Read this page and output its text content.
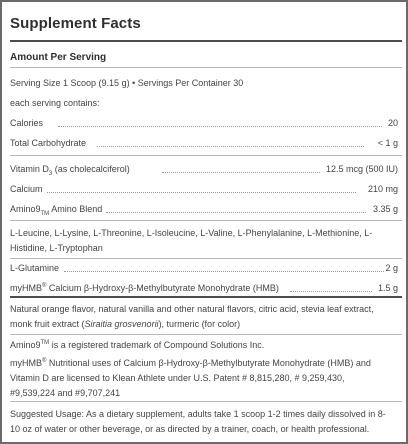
Supplement Facts
Amount Per Serving
Serving Size 1 Scoop (9.15 g) • Servings Per Container 30
each serving contains:
Calories	20
Total Carbohydrate	< 1 g
Vitamin $D_3$ (as cholecalciferol)	12.5 mcg (500 IU)
Calcium	210 mg
$Amino9_{TM}$ Amino Blend	3.35 g
L-Leucine, L-Lysine, L-Threonine, L-Isoleucine, L-Valine, L-Phenylalanine, L-Methionine, L-
Histidine, L-Tryptophan
L-Glutamine	2 g
myHMB® Calcium β-Hydroxy-β-Methylbutyrate Monohydrate (HMB)	1.5 g
Natural orange flavor, natural vanilla and other natural flavors, citric acid, stevia leaf extract,
monk fruit extract (Siraitia grosvenorii), turmeric (for color)
Amino9™ is a registered trademark of Compound Solutions Inc.
myHMB® Nutritional uses of Calcium β-Hydroxy-β-Methylbutyrate Monohydrate (HMB) and
Vitamin D are licensed to Klean Athlete under U.S. Patent # 8,815,280, # 9,259,430,
#9,539,224 and #9,707,241
Suggested Usage: As a dietary supplement, adults take 1 scoop 1-2 times daily dissolved in 8-
10 oz of water or other beverage, or as directed by a trainer, coach, or health professional.
